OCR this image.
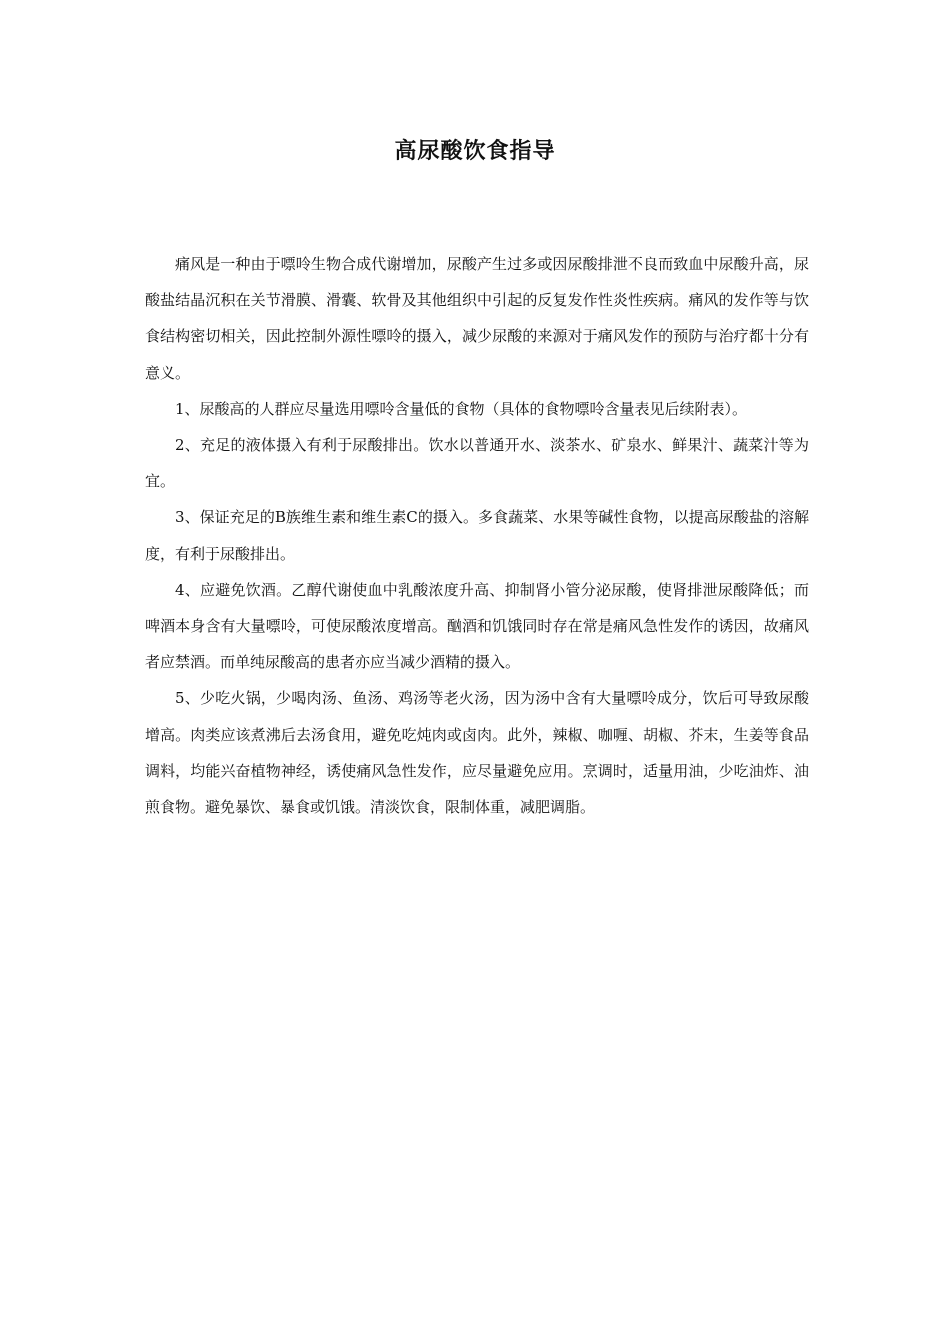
高尿酸饮食指导

痛风是一种由于嘌呤生物合成代谢增加，尿酸产生过多或因尿酸排泄不良而致血中尿酸升高，尿酸盐结晶沉积在关节滑膜、滑囊、软骨及其他组织中引起的反复发作性炎性疾病。痛风的发作等与饮食结构密切相关，因此控制外源性嘌呤的摄入，减少尿酸的来源对于痛风发作的预防与治疗都十分有意义。

1、尿酸高的人群应尽量选用嘌呤含量低的食物（具体的食物嘌呤含量表见后续附表）。

2、充足的液体摄入有利于尿酸排出。饮水以普通开水、淡茶水、矿泉水、鲜果汁、蔬菜汁等为宜。

3、保证充足的B族维生素和维生素C的摄入。多食蔬菜、水果等碱性食物，以提高尿酸盐的溶解度，有利于尿酸排出。

4、应避免饮酒。乙醇代谢使血中乳酸浓度升高、抑制肾小管分泌尿酸，使肾排泄尿酸降低；而啤酒本身含有大量嘌呤，可使尿酸浓度增高。酗酒和饥饿同时存在常是痛风急性发作的诱因，故痛风者应禁酒。而单纯尿酸高的患者亦应当减少酒精的摄入。

5、少吃火锅，少喝肉汤、鱼汤、鸡汤等老火汤，因为汤中含有大量嘌呤成分，饮后可导致尿酸增高。肉类应该煮沸后去汤食用，避免吃炖肉或卤肉。此外，辣椒、咖喱、胡椒、芥末，生姜等食品调料，均能兴奋植物神经，诱使痛风急性发作，应尽量避免应用。烹调时，适量用油，少吃油炸、油煎食物。避免暴饮、暴食或饥饿。清淡饮食，限制体重，减肥调脂。
